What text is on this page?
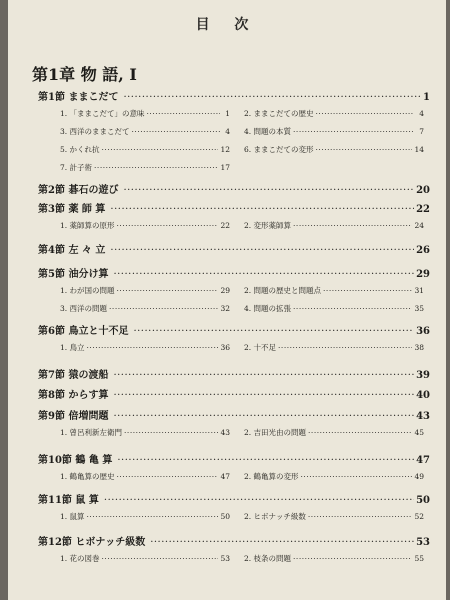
目 次
第1章 物 語, I
第1節 ままこだて ·····	1
1. 「ままこだて」の意味 ·····	1 2. ままこだての歴史 ·····	4
3. 西洋のままこだて ·····	4 4. 問題の本質 ·····	7
5. かくれ抗 ·····	12 6. ままこだての変形 ·····	14
7. 計子術 ·····	17
第2節 碁石の遊び ·····	20
第3節 薬 師 算 ·····	22
1. 薬師算の原形 ·····	22 2. 変形薬師算 ·····	24
第4節 左 々 立 ·····	26
第5節 油分け算 ·····	29
1. わが国の問題 ·····	29 2. 問題の歴史と問題点 ·····	31
3. 西洋の問題 ·····	32 4. 問題の拡張 ·····	35
第6節 鳥立と十不足 ·····	36
1. 鳥立 ·····	36 2. 十不足 ·····	38
第7節 猿の渡船 ·····	39
第8節 からす算 ·····	40
第9節 倍増問題 ·····	43
1. 曾呂利新左衛門 ·····	43 2. 吉田光由の問題 ·····	45
第10節 鶴 亀 算 ·····	47
1. 鶴亀算の歴史 ·····	47 2. 鶴亀算の変形 ·····	49
第11節 鼠 算 ·····	50
1. 鼠算 ·····	50 2. ヒボナッチ級数 ·····	52
第12節 ヒボナッチ級数 ·····	53
1. 花の図巻 ·····	53 2. 枝条の問題 ·····	55
